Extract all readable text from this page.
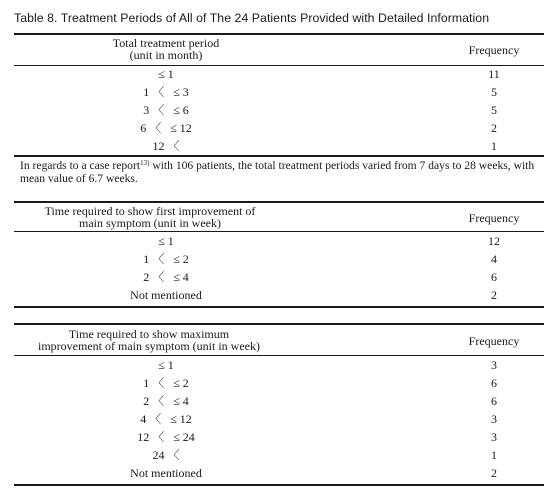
Table 8. Treatment Periods of All of The 24 Patients Provided with Detailed Information
Total treatment period
(unit in month)	Frequency
≤ 1	11
1 〈   ≤ 3	5
3 〈   ≤ 6	5
6 〈   ≤ 12	2
12 〈	1
In regards to a case report$^{13)}$ with 106 patients, the total treatment periods varied from 7 days to 28 weeks, with mean value of 6.7 weeks.
Time required to show first improvement of
main symptom (unit in week)	Frequency
≤ 1	12
1 〈   ≤ 2	4
2 〈   ≤ 4	6
Not mentioned	2
Time required to show maximum
improvement of main symptom (unit in week)	Frequency
≤ 1	3
1 〈   ≤ 2	6
2 〈   ≤ 4	6
4 〈   ≤ 12	3
12 〈   ≤ 24	3
24 〈	1
Not mentioned	2
